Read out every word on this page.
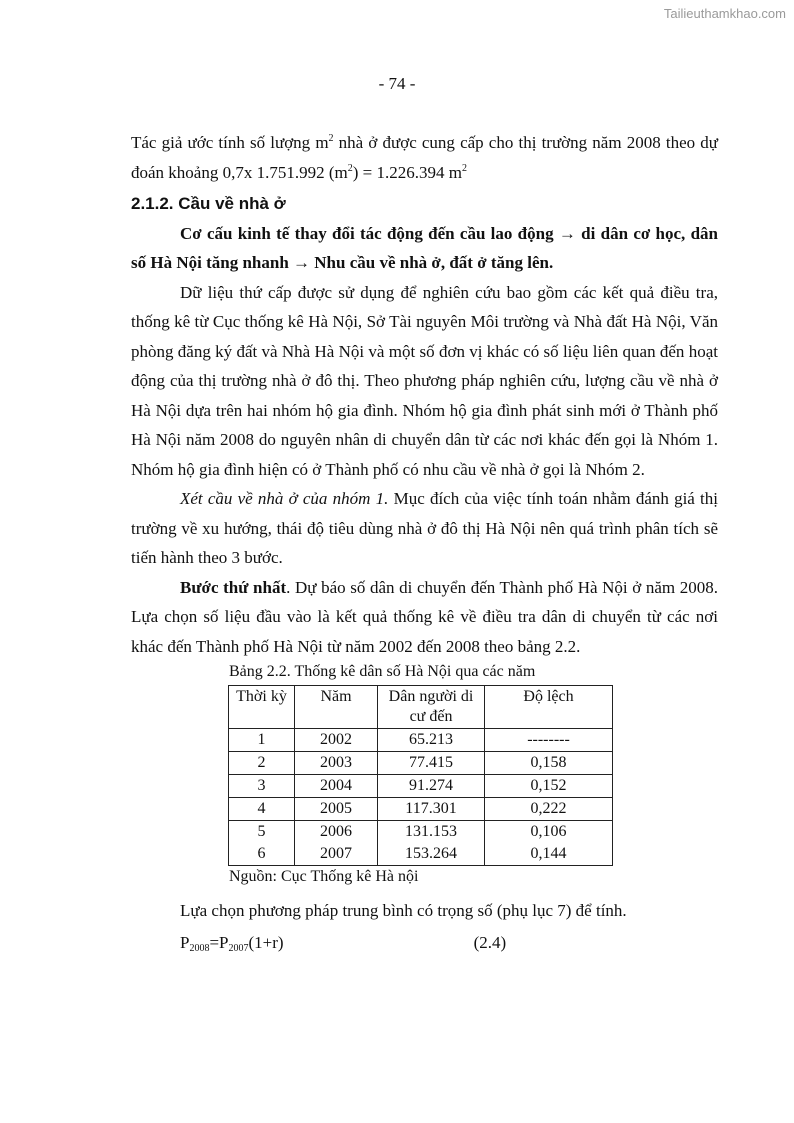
Tailieuthamkhao.com
- 74 -

Tác giả ước tính số lượng $m^2$ nhà ở được cung cấp cho thị trường năm 2008 theo dự đoán khoảng 0,7x 1.751.992 $(m^2) = 1.226.394$ $m^2$

2.1.2. Cầu về nhà ở

Cơ cấu kinh tế thay đổi tác động đến cầu lao động → di dân cơ học, dân số Hà Nội tăng nhanh → Nhu cầu về nhà ở, đất ở tăng lên.

Dữ liệu thứ cấp được sử dụng để nghiên cứu bao gồm các kết quả điều tra, thống kê từ Cục thống kê Hà Nội, Sở Tài nguyên Môi trường và Nhà đất Hà Nội, Văn phòng đăng ký đất và Nhà Hà Nội và một số đơn vị khác có số liệu liên quan đến hoạt động của thị trường nhà ở đô thị. Theo phương pháp nghiên cứu, lượng cầu về nhà ở Hà Nội dựa trên hai nhóm hộ gia đình. Nhóm hộ gia đình phát sinh mới ở Thành phố Hà Nội năm 2008 do nguyên nhân di chuyển dân từ các nơi khác đến gọi là Nhóm 1. Nhóm hộ gia đình hiện có ở Thành phố có nhu cầu về nhà ở gọi là Nhóm 2.

Xét cầu về nhà ở của nhóm 1. Mục đích của việc tính toán nhằm đánh giá thị trường về xu hướng, thái độ tiêu dùng nhà ở đô thị Hà Nội nên quá trình phân tích sẽ tiến hành theo 3 bước.

Bước thứ nhất. Dự báo số dân di chuyển đến Thành phố Hà Nội ở năm 2008. Lựa chọn số liệu đầu vào là kết quả thống kê về điều tra dân di chuyển từ các nơi khác đến Thành phố Hà Nội từ năm 2002 đến 2008 theo bảng 2.2.

Bảng 2.2. Thống kê dân số Hà Nội qua các năm
Thời kỳ	Năm	Dân người di cư đến	Độ lệch
1	2002	65.213	--------
2	2003	77.415	0,158
3	2004	91.274	0,152
4	2005	117.301	0,222
5	2006	131.153	0,106
6	2007	153.264	0,144
Nguồn: Cục Thống kê Hà nội

Lựa chọn phương pháp trung bình có trọng số (phụ lục 7) để tính.

$P_{2008}=P_{2007}(1+r)$	(2.4)
